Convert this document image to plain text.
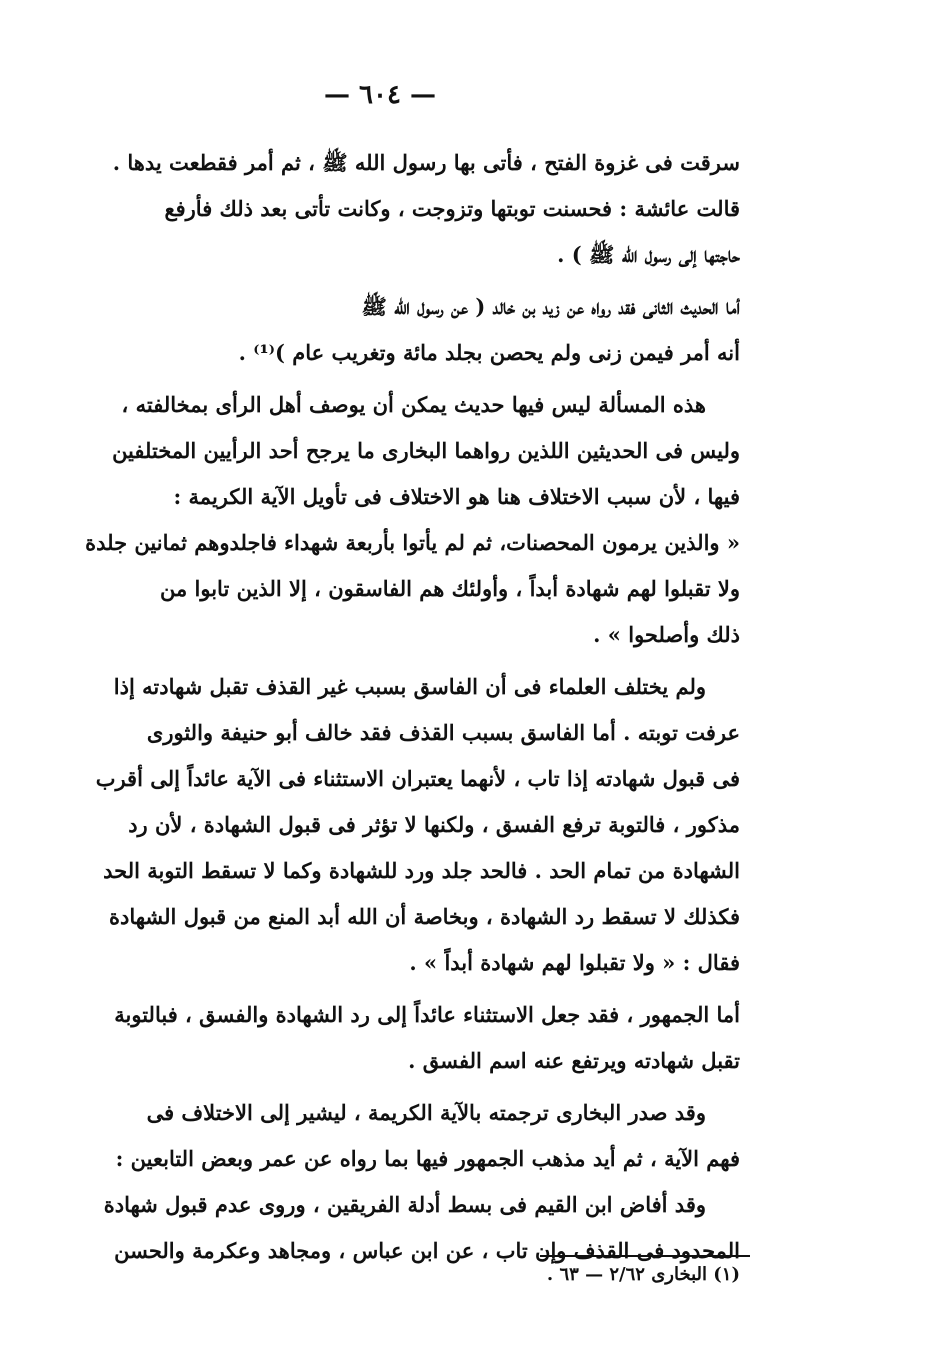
— ٦٠٤ —
سرقت فى غزوة الفتح ، فأتى بها رسول الله ﷺ ، ثم أمر فقطعت يدها .
قالت عائشة : فحسنت توبتها وتزوجت ، وكانت تأتى بعد ذلك فأرفع
حاجتها إلى رسول الله ﷺ ) .
أما الحديث الثانى فقد رواه عن زيد بن خالد ( عن رسول الله ﷺ
أنه أمر فيمن زنى ولم يحصن بجلد مائة وتغريب عام )⁽¹⁾ .
هذه المسألة ليس فيها حديث يمكن أن يوصف أهل الرأى بمخالفته ،
وليس فى الحديثين اللذين رواهما البخارى ما يرجح أحد الرأيين المختلفين
فيها ، لأن سبب الاختلاف هنا هو الاختلاف فى تأويل الآية الكريمة :
« والذين يرمون المحصنات، ثم لم يأتوا بأربعة شهداء فاجلدوهم ثمانين جلدة
ولا تقبلوا لهم شهادة أبداً ، وأولئك هم الفاسقون ، إلا الذين تابوا من
ذلك وأصلحوا » .
ولم يختلف العلماء فى أن الفاسق بسبب غير القذف تقبل شهادته إذا
عرفت توبته . أما الفاسق بسبب القذف فقد خالف أبو حنيفة والثورى
فى قبول شهادته إذا تاب ، لأنهما يعتبران الاستثناء فى الآية عائداً إلى أقرب
مذكور ، فالتوبة ترفع الفسق ، ولكنها لا تؤثر فى قبول الشهادة ، لأن رد
الشهادة من تمام الحد . فالحد جلد ورد للشهادة وكما لا تسقط التوبة الحد
فكذلك لا تسقط رد الشهادة ، وبخاصة أن الله أبد المنع من قبول الشهادة
فقال : « ولا تقبلوا لهم شهادة أبداً » .
أما الجمهور ، فقد جعل الاستثناء عائداً إلى رد الشهادة والفسق ، فبالتوبة
تقبل شهادته ويرتفع عنه اسم الفسق .
وقد صدر البخارى ترجمته بالآية الكريمة ، ليشير إلى الاختلاف فى
فهم الآية ، ثم أيد مذهب الجمهور فيها بما رواه عن عمر وبعض التابعين :
وقد أفاض ابن القيم فى بسط أدلة الفريقين ، وروى عدم قبول شهادة
المحدود فى القذف وإن تاب ، عن ابن عباس ، ومجاهد وعكرمة والحسن
(١) البخارى ٢/٦٢ — ٦٣ .
